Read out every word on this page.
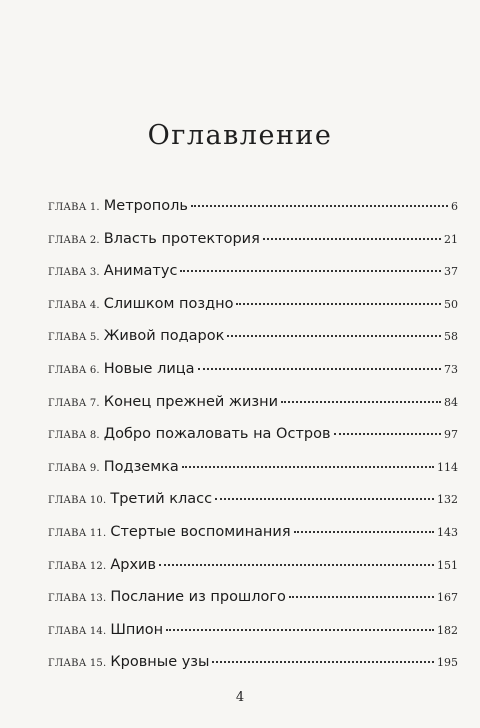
Оглавление
ГЛАВА 1. Метрополь	6
ГЛАВА 2. Власть протектория	21
ГЛАВА 3. Аниматус	37
ГЛАВА 4. Слишком поздно	50
ГЛАВА 5. Живой подарок	58
ГЛАВА 6. Новые лица	73
ГЛАВА 7. Конец прежней жизни	84
ГЛАВА 8. Добро пожаловать на Остров	97
ГЛАВА 9. Подземка	114
ГЛАВА 10. Третий класс	132
ГЛАВА 11. Стертые воспоминания	143
ГЛАВА 12. Архив	151
ГЛАВА 13. Послание из прошлого	167
ГЛАВА 14. Шпион	182
ГЛАВА 15. Кровные узы	195
4
